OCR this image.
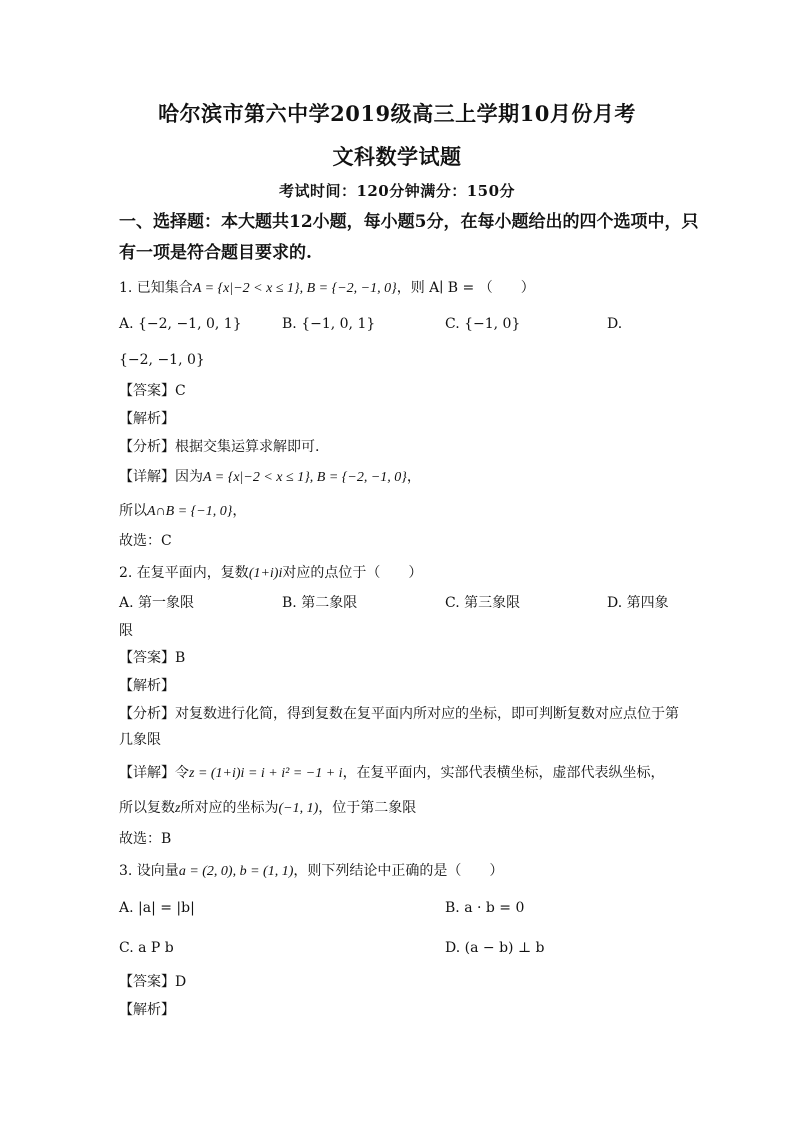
哈尔滨市第六中学2019级高三上学期10月份月考
文科数学试题
考试时间：120分钟满分：150分
一、选择题：本大题共12小题，每小题5分，在每小题给出的四个选项中，只
有一项是符合题目要求的.
1. 已知集合A = {x|−2 < x ≤ 1}, B = {−2, −1, 0}，则 A∣ B = （　　）
A. {−2, −1, 0, 1}	B. {−1, 0, 1}	C. {−1, 0}	D.
{−2, −1, 0}
【答案】C
【解析】
【分析】根据交集运算求解即可.
【详解】因为A = {x|−2 < x ≤ 1}, B = {−2, −1, 0}，
所以A∩B = {−1, 0}，
故选：C
2. 在复平面内，复数(1+i)i对应的点位于（　　）
A. 第一象限	B. 第二象限	C. 第三象限	D. 第四象
限
【答案】B
【解析】
【分析】对复数进行化简，得到复数在复平面内所对应的坐标，即可判断复数对应点位于第
几象限
【详解】令z = (1+i)i = i + i² = −1 + i，在复平面内，实部代表横坐标，虚部代表纵坐标，
所以复数z所对应的坐标为(−1, 1)，位于第二象限
故选：B
3. 设向量a = (2, 0), b = (1, 1)，则下列结论中正确的是（　　）
A. |a| = |b|	B. a · b = 0
C. a P b	D. (a − b) ⊥ b
【答案】D
【解析】
